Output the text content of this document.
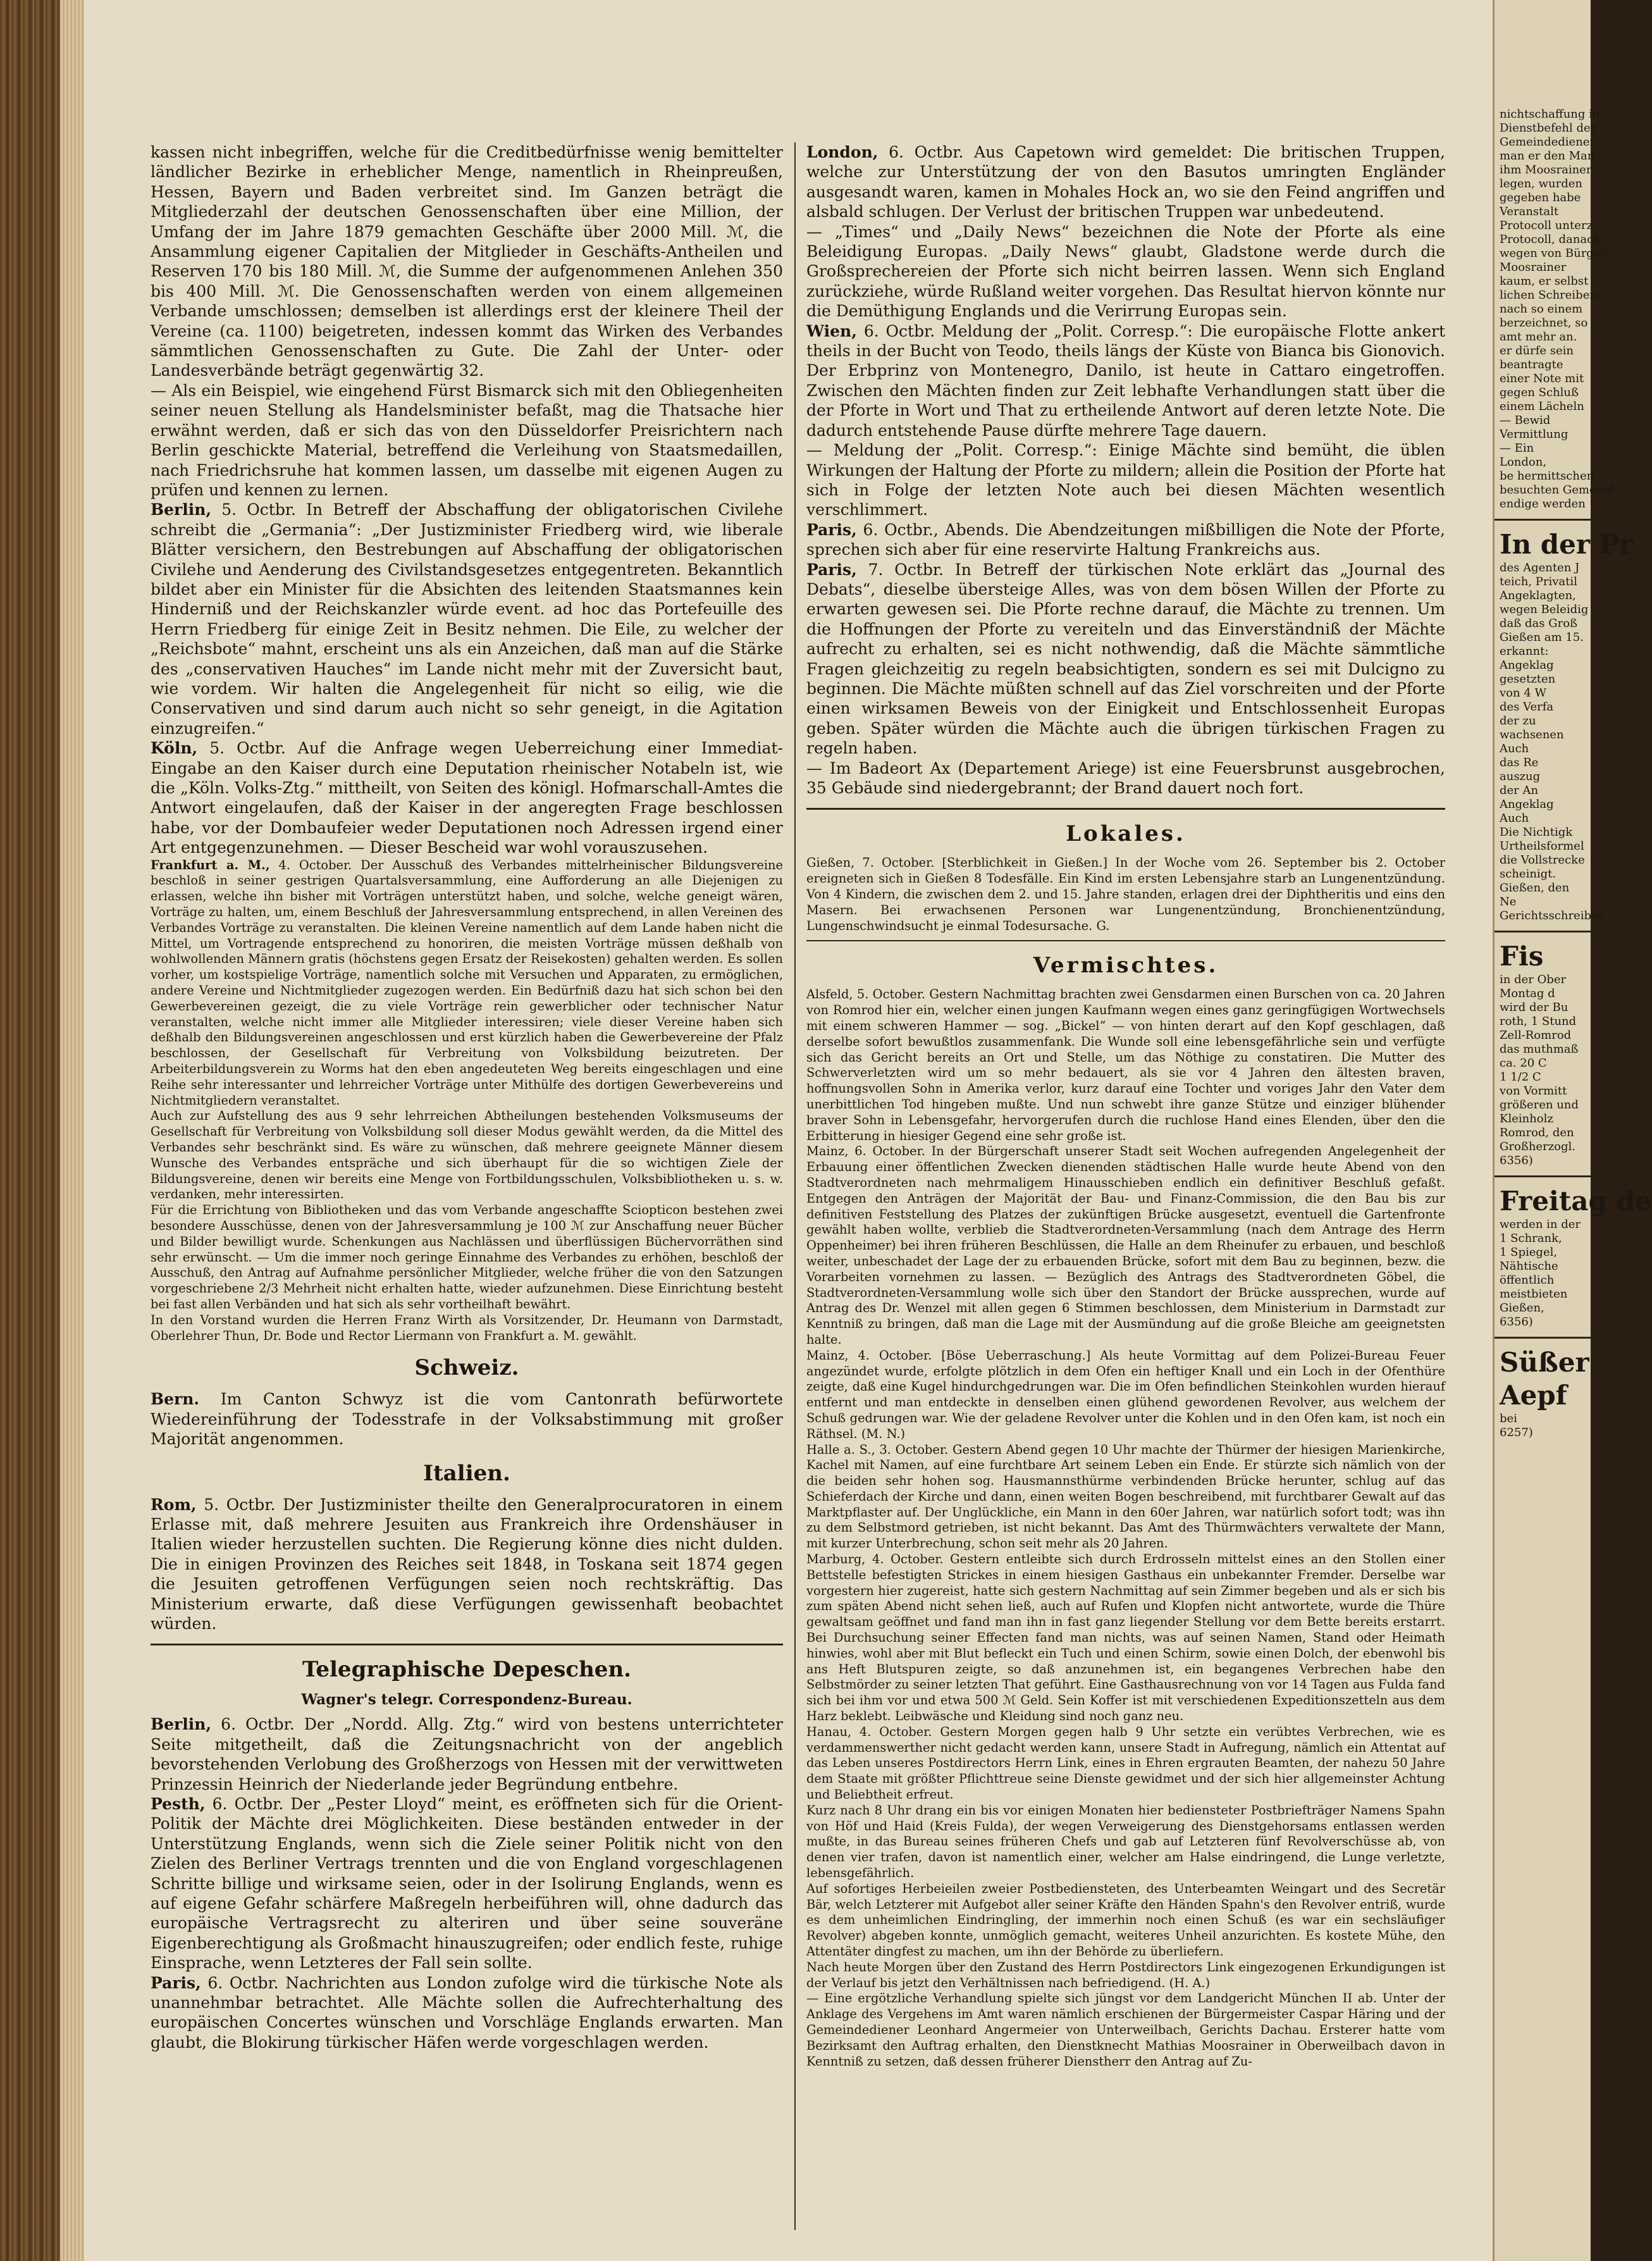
kassen nicht inbegriffen, welche für die Creditbedürfnisse wenig bemittelter ländlicher Bezirke in erheblicher Menge, namentlich in Rheinpreußen, Hessen, Bayern und Baden verbreitet sind. Im Ganzen beträgt die Mitgliederzahl der deutschen Genossenschaften über eine Million, der Umfang der im Jahre 1879 gemachten Geschäfte über 2000 Mill. ℳ, die Ansammlung eigener Capitalien der Mitglieder in Geschäfts-Antheilen und Reserven 170 bis 180 Mill. ℳ, die Summe der aufgenommenen Anlehen 350 bis 400 Mill. ℳ. Die Genossenschaften werden von einem allgemeinen Verbande umschlossen; demselben ist allerdings erst der kleinere Theil der Vereine (ca. 1100) beigetreten, indessen kommt das Wirken des Verbandes sämmtlichen Genossenschaften zu Gute. Die Zahl der Unter- oder Landesverbände beträgt gegenwärtig 32.

— Als ein Beispiel, wie eingehend Fürst Bismarck sich mit den Obliegenheiten seiner neuen Stellung als Handelsminister befaßt, mag die Thatsache hier erwähnt werden, daß er sich das von den Düsseldorfer Preisrichtern nach Berlin geschickte Material, betreffend die Verleihung von Staatsmedaillen, nach Friedrichsruhe hat kommen lassen, um dasselbe mit eigenen Augen zu prüfen und kennen zu lernen.

Berlin, 5. Octbr. In Betreff der Abschaffung der obligatorischen Civilehe schreibt die „Germania“: „Der Justizminister Friedberg wird, wie liberale Blätter versichern, den Bestrebungen auf Abschaffung der obligatorischen Civilehe und Aenderung des Civilstandsgesetzes entgegentreten. Bekanntlich bildet aber ein Minister für die Absichten des leitenden Staatsmannes kein Hinderniß und der Reichskanzler würde event. ad hoc das Portefeuille des Herrn Friedberg für einige Zeit in Besitz nehmen. Die Eile, zu welcher der „Reichsbote“ mahnt, erscheint uns als ein Anzeichen, daß man auf die Stärke des „conservativen Hauches“ im Lande nicht mehr mit der Zuversicht baut, wie vordem. Wir halten die Angelegenheit für nicht so eilig, wie die Conservativen und sind darum auch nicht so sehr geneigt, in die Agitation einzugreifen.“

Köln, 5. Octbr. Auf die Anfrage wegen Ueberreichung einer Immediat-Eingabe an den Kaiser durch eine Deputation rheinischer Notabeln ist, wie die „Köln. Volks-Ztg.“ mittheilt, von Seiten des königl. Hofmarschall-Amtes die Antwort eingelaufen, daß der Kaiser in der angeregten Frage beschlossen habe, vor der Dombaufeier weder Deputationen noch Adressen irgend einer Art entgegenzunehmen. — Dieser Bescheid war wohl vorauszusehen.

Frankfurt a. M., 4. October. Der Ausschuß des Verbandes mittelrheinischer Bildungsvereine beschloß in seiner gestrigen Quartalsversammlung, eine Aufforderung an alle Diejenigen zu erlassen, welche ihn bisher mit Vorträgen unterstützt haben, und solche, welche geneigt wären, Vorträge zu halten, um, einem Beschluß der Jahresversammlung entsprechend, in allen Vereinen des Verbandes Vorträge zu veranstalten. Die kleinen Vereine namentlich auf dem Lande haben nicht die Mittel, um Vortragende entsprechend zu honoriren, die meisten Vorträge müssen deßhalb von wohlwollenden Männern gratis (höchstens gegen Ersatz der Reisekosten) gehalten werden. Es sollen vorher, um kostspielige Vorträge, namentlich solche mit Versuchen und Apparaten, zu ermöglichen, andere Vereine und Nichtmitglieder zugezogen werden. Ein Bedürfniß dazu hat sich schon bei den Gewerbevereinen gezeigt, die zu viele Vorträge rein gewerblicher oder technischer Natur veranstalten, welche nicht immer alle Mitglieder interessiren; viele dieser Vereine haben sich deßhalb den Bildungsvereinen angeschlossen und erst kürzlich haben die Gewerbevereine der Pfalz beschlossen, der Gesellschaft für Verbreitung von Volksbildung beizutreten. Der Arbeiterbildungsverein zu Worms hat den eben angedeuteten Weg bereits eingeschlagen und eine Reihe sehr interessanter und lehrreicher Vorträge unter Mithülfe des dortigen Gewerbevereins und Nichtmitgliedern veranstaltet.

Auch zur Aufstellung des aus 9 sehr lehrreichen Abtheilungen bestehenden Volksmuseums der Gesellschaft für Verbreitung von Volksbildung soll dieser Modus gewählt werden, da die Mittel des Verbandes sehr beschränkt sind. Es wäre zu wünschen, daß mehrere geeignete Männer diesem Wunsche des Verbandes entspräche und sich überhaupt für die so wichtigen Ziele der Bildungsvereine, denen wir bereits eine Menge von Fortbildungsschulen, Volksbibliotheken u. s. w. verdanken, mehr interessirten.

Für die Errichtung von Bibliotheken und das vom Verbande angeschaffte Sciopticon bestehen zwei besondere Ausschüsse, denen von der Jahresversammlung je 100 ℳ zur Anschaffung neuer Bücher und Bilder bewilligt wurde. Schenkungen aus Nachlässen und überflüssigen Büchervorräthen sind sehr erwünscht. — Um die immer noch geringe Einnahme des Verbandes zu erhöhen, beschloß der Ausschuß, den Antrag auf Aufnahme persönlicher Mitglieder, welche früher die von den Satzungen vorgeschriebene 2/3 Mehrheit nicht erhalten hatte, wieder aufzunehmen. Diese Einrichtung besteht bei fast allen Verbänden und hat sich als sehr vortheilhaft bewährt.

In den Vorstand wurden die Herren Franz Wirth als Vorsitzender, Dr. Heumann von Darmstadt, Oberlehrer Thun, Dr. Bode und Rector Liermann von Frankfurt a. M. gewählt.

Schweiz.

Bern. Im Canton Schwyz ist die vom Cantonrath befürwortete Wiedereinführung der Todesstrafe in der Volksabstimmung mit großer Majorität angenommen.

Italien.

Rom, 5. Octbr. Der Justizminister theilte den Generalprocuratoren in einem Erlasse mit, daß mehrere Jesuiten aus Frankreich ihre Ordenshäuser in Italien wieder herzustellen suchten. Die Regierung könne dies nicht dulden. Die in einigen Provinzen des Reiches seit 1848, in Toskana seit 1874 gegen die Jesuiten getroffenen Verfügungen seien noch rechtskräftig. Das Ministerium erwarte, daß diese Verfügungen gewissenhaft beobachtet würden.

Telegraphische Depeschen.
Wagner's telegr. Correspondenz-Bureau.

Berlin, 6. Octbr. Der „Nordd. Allg. Ztg.“ wird von bestens unterrichteter Seite mitgetheilt, daß die Zeitungsnachricht von der angeblich bevorstehenden Verlobung des Großherzogs von Hessen mit der verwittweten Prinzessin Heinrich der Niederlande jeder Begründung entbehre.

Pesth, 6. Octbr. Der „Pester Lloyd“ meint, es eröffneten sich für die Orient-Politik der Mächte drei Möglichkeiten. Diese beständen entweder in der Unterstützung Englands, wenn sich die Ziele seiner Politik nicht von den Zielen des Berliner Vertrags trennten und die von England vorgeschlagenen Schritte billige und wirksame seien, oder in der Isolirung Englands, wenn es auf eigene Gefahr schärfere Maßregeln herbeiführen will, ohne dadurch das europäische Vertragsrecht zu alteriren und über seine souveräne Eigenberechtigung als Großmacht hinauszugreifen; oder endlich feste, ruhige Einsprache, wenn Letzteres der Fall sein sollte.

Paris, 6. Octbr. Nachrichten aus London zufolge wird die türkische Note als unannehmbar betrachtet. Alle Mächte sollen die Aufrechterhaltung des europäischen Concertes wünschen und Vorschläge Englands erwarten. Man glaubt, die Blokirung türkischer Häfen werde vorgeschlagen werden.

London, 6. Octbr. Aus Capetown wird gemeldet: Die britischen Truppen, welche zur Unterstützung der von den Basutos umringten Engländer ausgesandt waren, kamen in Mohales Hock an, wo sie den Feind angriffen und alsbald schlugen. Der Verlust der britischen Truppen war unbedeutend.

— „Times“ und „Daily News“ bezeichnen die Note der Pforte als eine Beleidigung Europas. „Daily News“ glaubt, Gladstone werde durch die Großsprechereien der Pforte sich nicht beirren lassen. Wenn sich England zurückziehe, würde Rußland weiter vorgehen. Das Resultat hiervon könnte nur die Demüthigung Englands und die Verirrung Europas sein.

Wien, 6. Octbr. Meldung der „Polit. Corresp.“: Die europäische Flotte ankert theils in der Bucht von Teodo, theils längs der Küste von Bianca bis Gionovich. Der Erbprinz von Montenegro, Danilo, ist heute in Cattaro eingetroffen. Zwischen den Mächten finden zur Zeit lebhafte Verhandlungen statt über die der Pforte in Wort und That zu ertheilende Antwort auf deren letzte Note. Die dadurch entstehende Pause dürfte mehrere Tage dauern.

— Meldung der „Polit. Corresp.“: Einige Mächte sind bemüht, die üblen Wirkungen der Haltung der Pforte zu mildern; allein die Position der Pforte hat sich in Folge der letzten Note auch bei diesen Mächten wesentlich verschlimmert.

Paris, 6. Octbr., Abends. Die Abendzeitungen mißbilligen die Note der Pforte, sprechen sich aber für eine reservirte Haltung Frankreichs aus.

Paris, 7. Octbr. In Betreff der türkischen Note erklärt das „Journal des Debats“, dieselbe übersteige Alles, was von dem bösen Willen der Pforte zu erwarten gewesen sei. Die Pforte rechne darauf, die Mächte zu trennen. Um die Hoffnungen der Pforte zu vereiteln und das Einverständniß der Mächte aufrecht zu erhalten, sei es nicht nothwendig, daß die Mächte sämmtliche Fragen gleichzeitig zu regeln beabsichtigten, sondern es sei mit Dulcigno zu beginnen. Die Mächte müßten schnell auf das Ziel vorschreiten und der Pforte einen wirksamen Beweis von der Einigkeit und Entschlossenheit Europas geben. Später würden die Mächte auch die übrigen türkischen Fragen zu regeln haben.

— Im Badeort Ax (Departement Ariege) ist eine Feuersbrunst ausgebrochen, 35 Gebäude sind niedergebrannt; der Brand dauert noch fort.

Lokales.

Gießen, 7. October. [Sterblichkeit in Gießen.] In der Woche vom 26. September bis 2. October ereigneten sich in Gießen 8 Todesfälle. Ein Kind im ersten Lebensjahre starb an Lungenentzündung. Von 4 Kindern, die zwischen dem 2. und 15. Jahre standen, erlagen drei der Diphtheritis und eins den Masern. Bei erwachsenen Personen war Lungenentzündung, Bronchienentzündung, Lungenschwindsucht je einmal Todesursache. G.

Vermischtes.

Alsfeld, 5. October. Gestern Nachmittag brachten zwei Gensdarmen einen Burschen von ca. 20 Jahren von Romrod hier ein, welcher einen jungen Kaufmann wegen eines ganz geringfügigen Wortwechsels mit einem schweren Hammer — sog. „Bickel“ — von hinten derart auf den Kopf geschlagen, daß derselbe sofort bewußtlos zusammenfank. Die Wunde soll eine lebensgefährliche sein und verfügte sich das Gericht bereits an Ort und Stelle, um das Nöthige zu constatiren. Die Mutter des Schwerverletzten wird um so mehr bedauert, als sie vor 4 Jahren den ältesten braven, hoffnungsvollen Sohn in Amerika verlor, kurz darauf eine Tochter und voriges Jahr den Vater dem unerbittlichen Tod hingeben mußte. Und nun schwebt ihre ganze Stütze und einziger blühender braver Sohn in Lebensgefahr, hervorgerufen durch die ruchlose Hand eines Elenden, über den die Erbitterung in hiesiger Gegend eine sehr große ist.

Mainz, 6. October. In der Bürgerschaft unserer Stadt seit Wochen aufregenden Angelegenheit der Erbauung einer öffentlichen Zwecken dienenden städtischen Halle wurde heute Abend von den Stadtverordneten nach mehrmaligem Hinausschieben endlich ein definitiver Beschluß gefaßt. Entgegen den Anträgen der Majorität der Bau- und Finanz-Commission, die den Bau bis zur definitiven Feststellung des Platzes der zukünftigen Brücke ausgesetzt, eventuell die Gartenfronte gewählt haben wollte, verblieb die Stadtverordneten-Versammlung (nach dem Antrage des Herrn Oppenheimer) bei ihren früheren Beschlüssen, die Halle an dem Rheinufer zu erbauen, und beschloß weiter, unbeschadet der Lage der zu erbauenden Brücke, sofort mit dem Bau zu beginnen, bezw. die Vorarbeiten vornehmen zu lassen. — Bezüglich des Antrags des Stadtverordneten Göbel, die Stadtverordneten-Versammlung wolle sich über den Standort der Brücke aussprechen, wurde auf Antrag des Dr. Wenzel mit allen gegen 6 Stimmen beschlossen, dem Ministerium in Darmstadt zur Kenntniß zu bringen, daß man die Lage mit der Ausmündung auf die große Bleiche am geeignetsten halte.

Mainz, 4. October. [Böse Ueberraschung.] Als heute Vormittag auf dem Polizei-Bureau Feuer angezündet wurde, erfolgte plötzlich in dem Ofen ein heftiger Knall und ein Loch in der Ofenthüre zeigte, daß eine Kugel hindurchgedrungen war. Die im Ofen befindlichen Steinkohlen wurden hierauf entfernt und man entdeckte in denselben einen glühend gewordenen Revolver, aus welchem der Schuß gedrungen war. Wie der geladene Revolver unter die Kohlen und in den Ofen kam, ist noch ein Räthsel. (M. N.)

Halle a. S., 3. October. Gestern Abend gegen 10 Uhr machte der Thürmer der hiesigen Marienkirche, Kachel mit Namen, auf eine furchtbare Art seinem Leben ein Ende. Er stürzte sich nämlich von der die beiden sehr hohen sog. Hausmannsthürme verbindenden Brücke herunter, schlug auf das Schieferdach der Kirche und dann, einen weiten Bogen beschreibend, mit furchtbarer Gewalt auf das Marktpflaster auf. Der Unglückliche, ein Mann in den 60er Jahren, war natürlich sofort todt; was ihn zu dem Selbstmord getrieben, ist nicht bekannt. Das Amt des Thürmwächters verwaltete der Mann, mit kurzer Unterbrechung, schon seit mehr als 20 Jahren.

Marburg, 4. October. Gestern entleibte sich durch Erdrosseln mittelst eines an den Stollen einer Bettstelle befestigten Strickes in einem hiesigen Gasthaus ein unbekannter Fremder. Derselbe war vorgestern hier zugereist, hatte sich gestern Nachmittag auf sein Zimmer begeben und als er sich bis zum späten Abend nicht sehen ließ, auch auf Rufen und Klopfen nicht antwortete, wurde die Thüre gewaltsam geöffnet und fand man ihn in fast ganz liegender Stellung vor dem Bette bereits erstarrt. Bei Durchsuchung seiner Effecten fand man nichts, was auf seinen Namen, Stand oder Heimath hinwies, wohl aber mit Blut befleckt ein Tuch und einen Schirm, sowie einen Dolch, der ebenwohl bis ans Heft Blutspuren zeigte, so daß anzunehmen ist, ein begangenes Verbrechen habe den Selbstmörder zu seiner letzten That geführt. Eine Gasthausrechnung von vor 14 Tagen aus Fulda fand sich bei ihm vor und etwa 500 ℳ Geld. Sein Koffer ist mit verschiedenen Expeditionszetteln aus dem Harz beklebt. Leibwäsche und Kleidung sind noch ganz neu.

Hanau, 4. October. Gestern Morgen gegen halb 9 Uhr setzte ein verübtes Verbrechen, wie es verdammenswerther nicht gedacht werden kann, unsere Stadt in Aufregung, nämlich ein Attentat auf das Leben unseres Postdirectors Herrn Link, eines in Ehren ergrauten Beamten, der nahezu 50 Jahre dem Staate mit größter Pflichttreue seine Dienste gewidmet und der sich hier allgemeinster Achtung und Beliebtheit erfreut.

Kurz nach 8 Uhr drang ein bis vor einigen Monaten hier bediensteter Postbriefträger Namens Spahn von Höf und Haid (Kreis Fulda), der wegen Verweigerung des Dienstgehorsams entlassen werden mußte, in das Bureau seines früheren Chefs und gab auf Letzteren fünf Revolverschüsse ab, von denen vier trafen, davon ist namentlich einer, welcher am Halse eindringend, die Lunge verletzte, lebensgefährlich.

Auf sofortiges Herbeieilen zweier Postbediensteten, des Unterbeamten Weingart und des Secretär Bär, welch Letzterer mit Aufgebot aller seiner Kräfte den Händen Spahn's den Revolver entriß, wurde es dem unheimlichen Eindringling, der immerhin noch einen Schuß (es war ein sechsläufiger Revolver) abgeben konnte, unmöglich gemacht, weiteres Unheil anzurichten. Es kostete Mühe, den Attentäter dingfest zu machen, um ihn der Behörde zu überliefern.

Nach heute Morgen über den Zustand des Herrn Postdirectors Link eingezogenen Erkundigungen ist der Verlauf bis jetzt den Verhältnissen nach befriedigend. (H. A.)

— Eine ergötzliche Verhandlung spielte sich jüngst vor dem Landgericht München II ab. Unter der Anklage des Vergehens im Amt waren nämlich erschienen der Bürgermeister Caspar Häring und der Gemeindediener Leonhard Angermeier von Unterweilbach, Gerichts Dachau. Ersterer hatte vom Bezirksamt den Auftrag erhalten, den Dienstknecht Mathias Moosrainer in Oberweilbach davon in Kenntniß zu setzen, daß dessen früherer Dienstherr den Antrag auf Zu-

nichtschaffung in
Dienstbefehl der
Gemeindediener
man er den Man
ihm Moosrainer
legen, wurden
gegeben habe
Veranstalt
Protocoll unterz
Protocoll, danach
wegen von Bürger
Moosrainer
kaum, er selbst
lichen Schreiben
nach so einem
berzeichnet, so
amt mehr an.
er dürfe sein
beantragte
einer Note mit
gegen Schluß
einem Lächeln
— Bewid
Vermittlung
— Ein
London,
be hermittschen
besuchten Gemeind
endige werden
In der Pr
des Agenten J
teich, Privatil
Angeklagten,
wegen Beleidig
daß das Groß
Gießen am 15.
erkannt:
Angeklag
gesetzten
von 4 W
des Verfa
der zu
wachsenen
Auch
das Re
auszug
der An
Angeklag
Auch
Die Nichtigk
Urtheilsformel
die Vollstrecke
scheinigt.
Gießen, den
Ne
Gerichtsschreiber
Fis
in der Ober
Montag d
wird der Bu
roth, 1 Stund
Zell-Romrod
das muthmaß
ca. 20 C
1 1/2 C
von Vormitt
größeren und
Kleinholz
Romrod, den
Großherzogl.
6356)
Freitag de
werden in der
1 Schrank,
1 Spiegel,
Nähtische
öffentlich
meistbieten
Gießen,
6356)
Süßer
Aepf
bei
6257)
